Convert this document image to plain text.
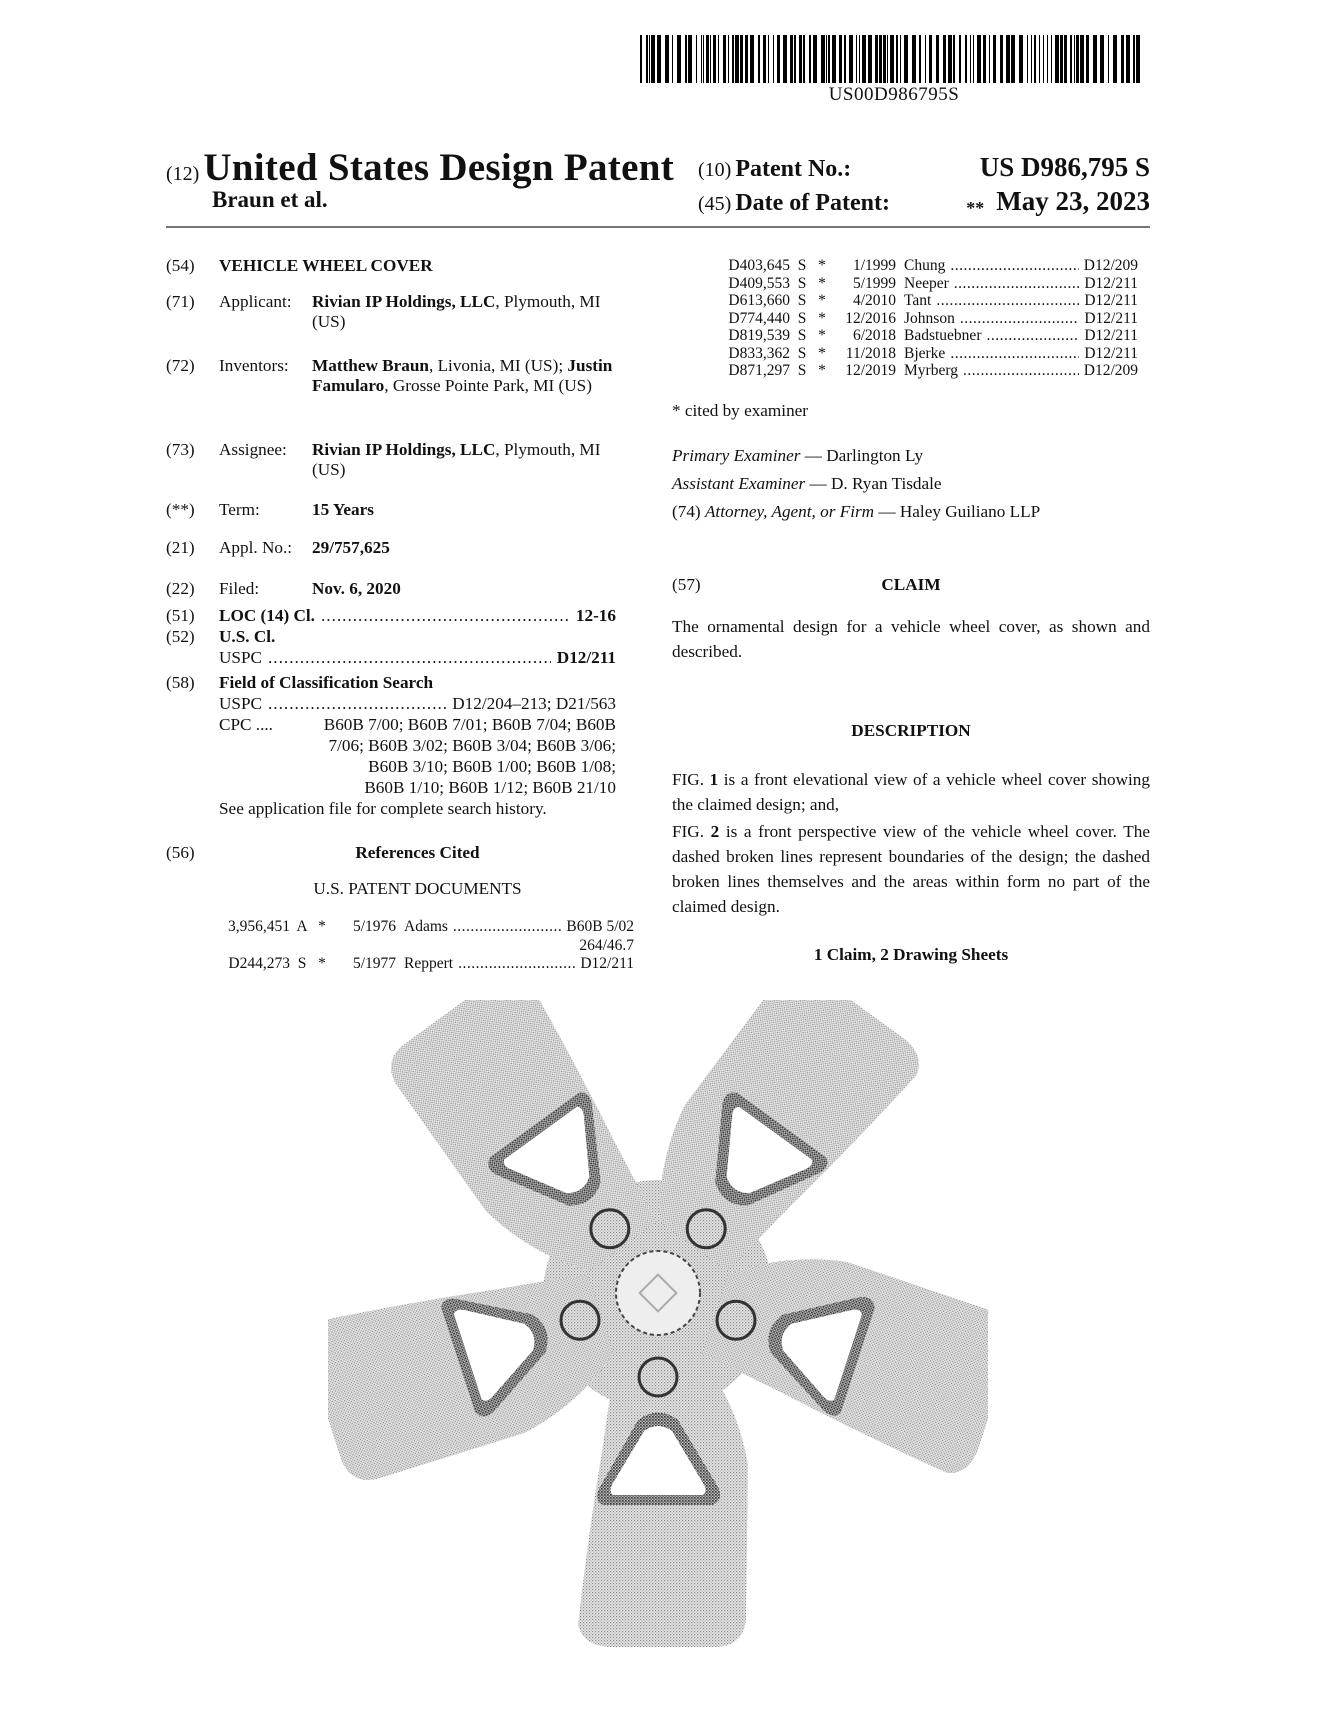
US00D986795S
(12) United States Design Patent
Braun et al.
(10)
Patent No.:	US D986,795 S
(45)
Date of Patent:	** May 23, 2023
(54) VEHICLE WHEEL COVER
(71) Applicant: Rivian IP Holdings, LLC, Plymouth, MI (US)
(72) Inventors: Matthew Braun, Livonia, MI (US); Justin Famularo, Grosse Pointe Park, MI (US)
(73) Assignee: Rivian IP Holdings, LLC, Plymouth, MI (US)
(**) Term:	15 Years
(21) Appl. No.: 29/757,625
(22) Filed:	Nov. 6, 2020
(51) LOC (14) Cl. .....	12-16
(52) U.S. Cl.
USPC .....	D12/211
(58) Field of Classification Search
USPC .....	D12/204–213; D21/563
CPC ....	B60B 7/00; B60B 7/01; B60B 7/04; B60B
7/06; B60B 3/02; B60B 3/04; B60B 3/06;
B60B 3/10; B60B 1/00; B60B 1/08;
B60B 1/10; B60B 1/12; B60B 21/10
See application file for complete search history.
(56)	References Cited
U.S. PATENT DOCUMENTS
3,956,451 A *	5/1976 Adams .....	B60B 5/02
264/46.7
D244,273 S *	5/1977 Reppert .....	D12/211
D403,645 S *	1/1999 Chung .....	D12/209
D409,553 S *	5/1999 Neeper .....	D12/211
D613,660 S *	4/2010 Tant .....	D12/211
D774,440 S *	12/2016 Johnson .....	D12/211
D819,539 S *	6/2018 Badstuebner .....	D12/211
D833,362 S *	11/2018 Bjerke .....	D12/211
D871,297 S *	12/2019 Myrberg .....	D12/209
* cited by examiner
Primary Examiner — Darlington Ly
Assistant Examiner — D. Ryan Tisdale
(74) Attorney, Agent, or Firm — Haley Guiliano LLP
(57)	CLAIM
The ornamental design for a vehicle wheel cover, as shown and described.
DESCRIPTION
FIG. 1 is a front elevational view of a vehicle wheel cover showing the claimed design; and,
FIG. 2 is a front perspective view of the vehicle wheel cover. The dashed broken lines represent boundaries of the design; the dashed broken lines themselves and the areas within form no part of the claimed design.
1 Claim, 2 Drawing Sheets
